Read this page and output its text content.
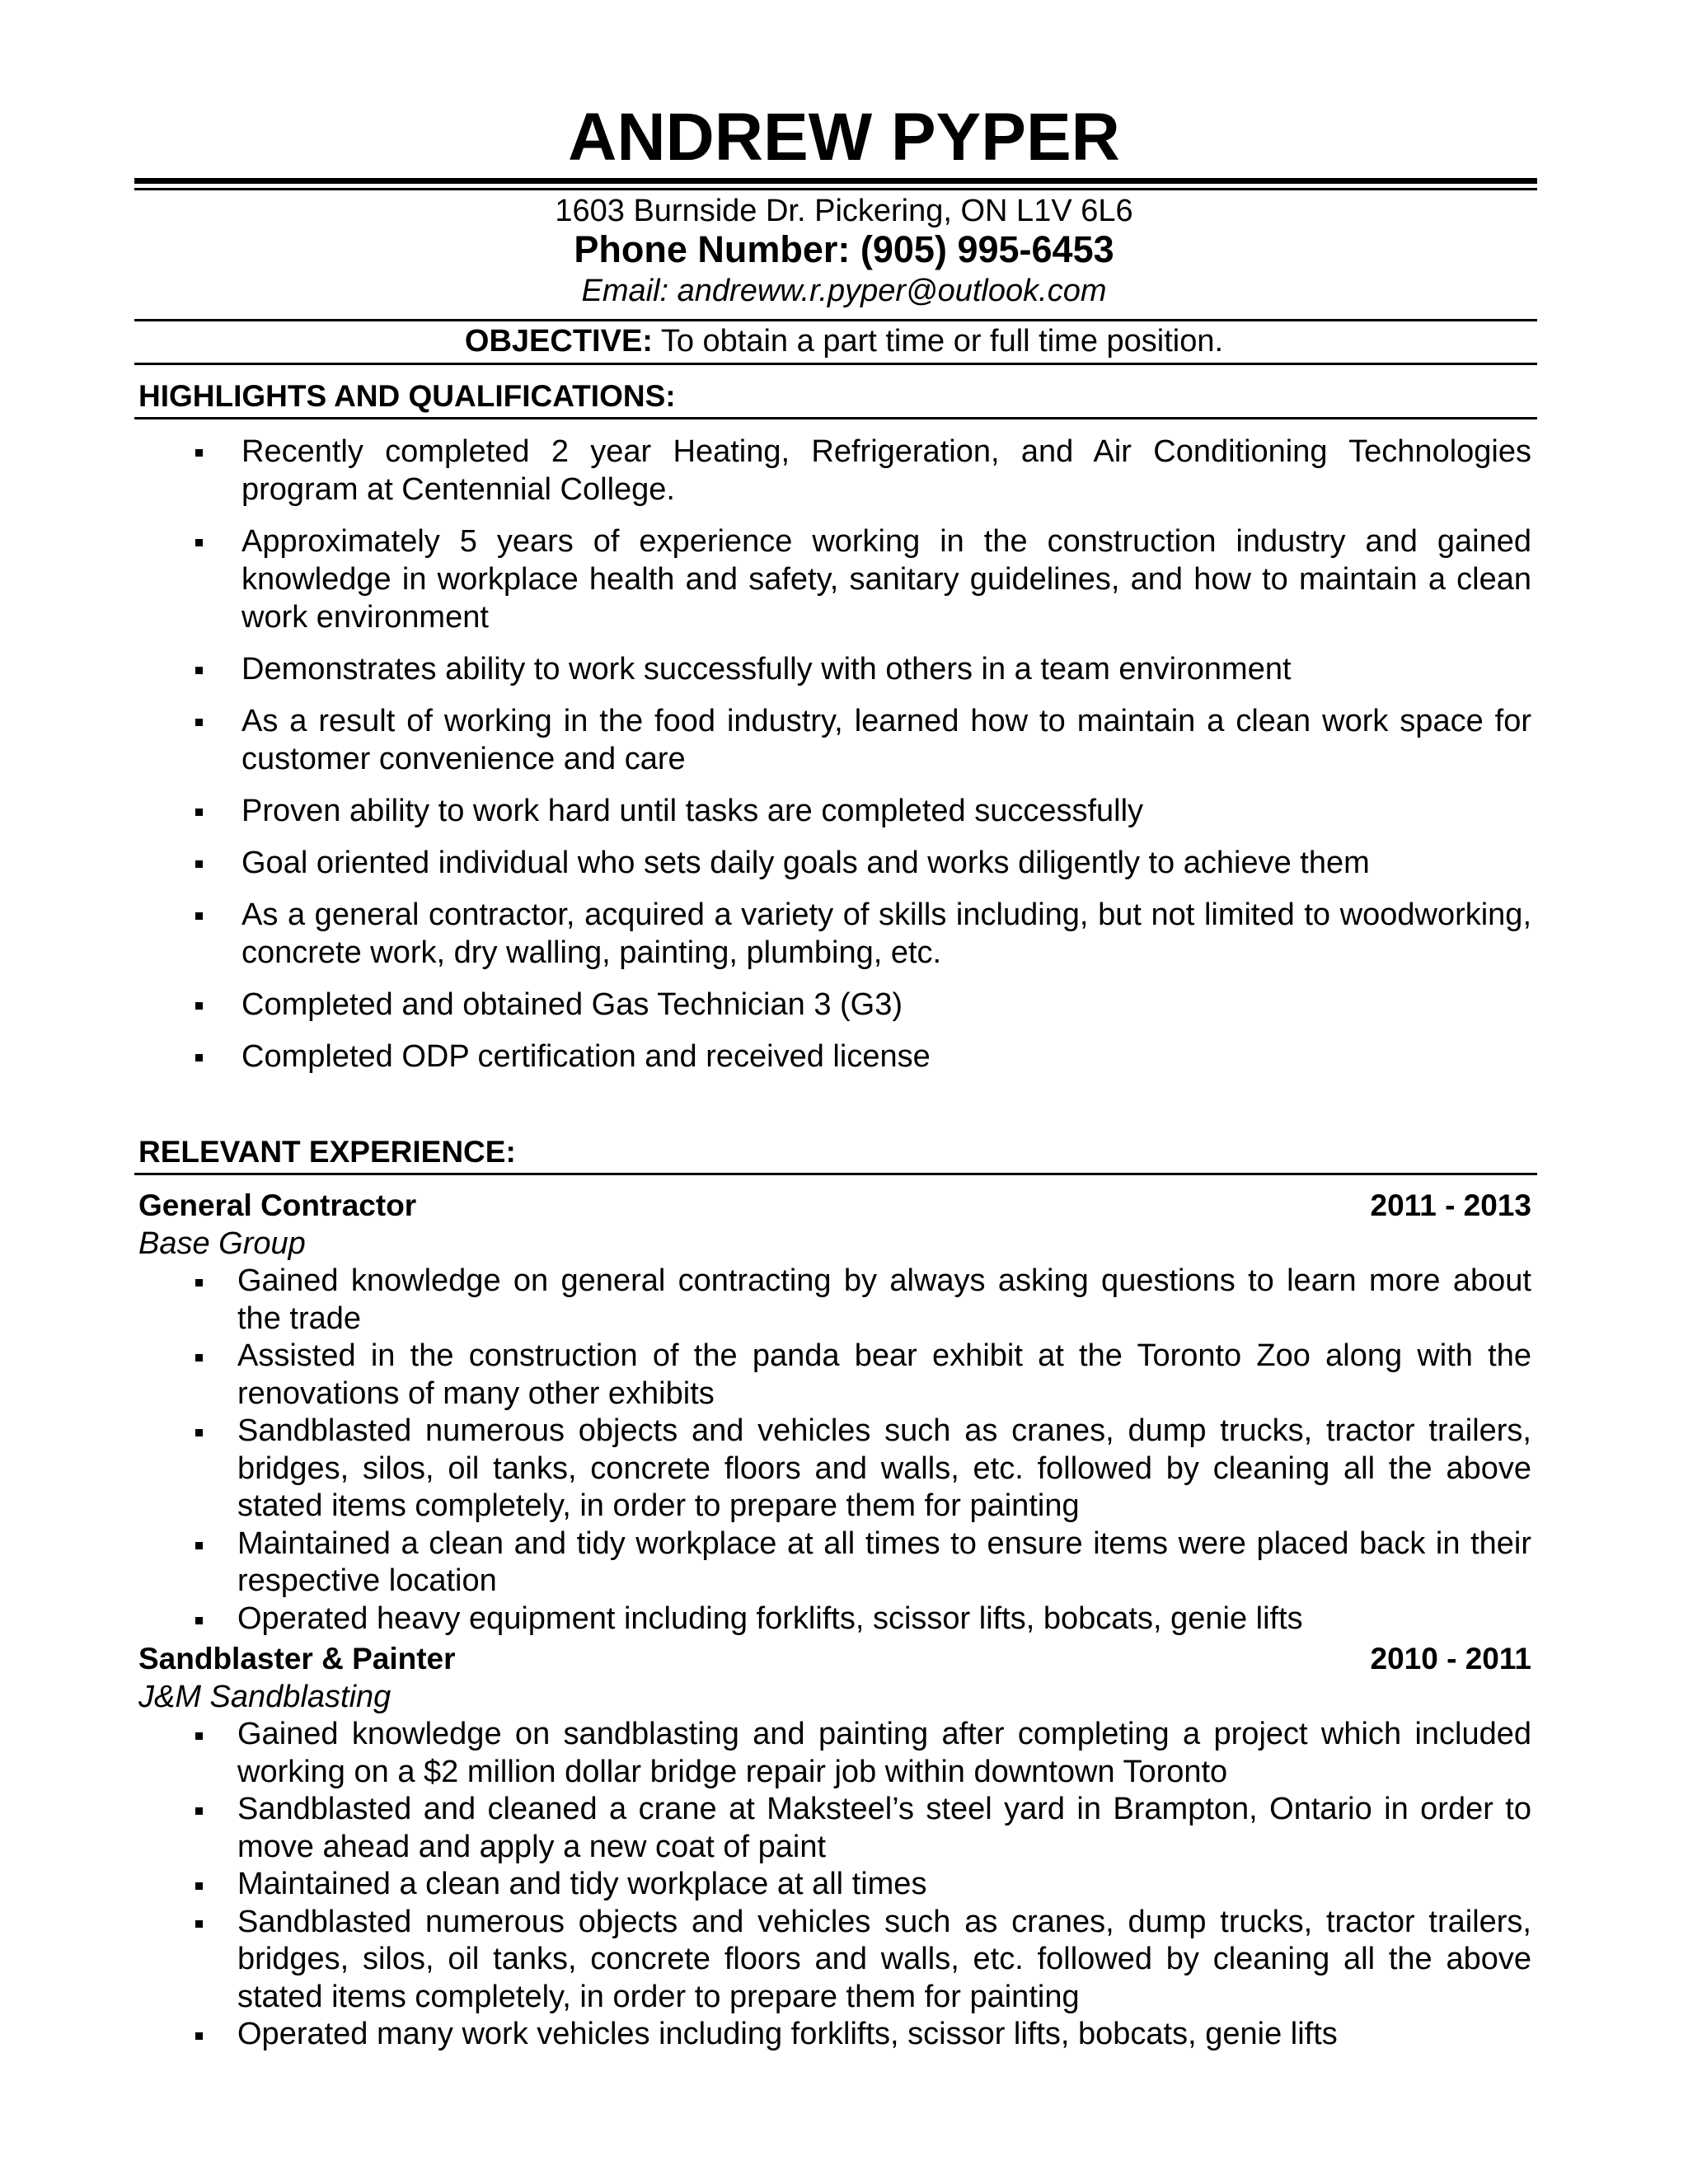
ANDREW PYPER
1603 Burnside Dr. Pickering, ON L1V 6L6
Phone Number: (905) 995-6453
Email: andreww.r.pyper@outlook.com
OBJECTIVE: To obtain a part time or full time position.
HIGHLIGHTS AND QUALIFICATIONS:
Recently completed 2 year Heating, Refrigeration, and Air Conditioning Technologies program at Centennial College.
Approximately 5 years of experience working in the construction industry and gained knowledge in workplace health and safety, sanitary guidelines, and how to maintain a clean work environment
Demonstrates ability to work successfully with others in a team environment
As a result of working in the food industry, learned how to maintain a clean work space for customer convenience and care
Proven ability to work hard until tasks are completed successfully
Goal oriented individual who sets daily goals and works diligently to achieve them
As a general contractor, acquired a variety of skills including, but not limited to woodworking, concrete work, dry walling, painting, plumbing, etc.
Completed and obtained Gas Technician 3 (G3)
Completed ODP certification and received license
RELEVANT EXPERIENCE:
General Contractor	2011 - 2013
Base Group
Gained knowledge on general contracting by always asking questions to learn more about the trade
Assisted in the construction of the panda bear exhibit at the Toronto Zoo along with the renovations of many other exhibits
Sandblasted numerous objects and vehicles such as cranes, dump trucks, tractor trailers, bridges, silos, oil tanks, concrete floors and walls, etc. followed by cleaning all the above stated items completely, in order to prepare them for painting
Maintained a clean and tidy workplace at all times to ensure items were placed back in their respective location
Operated heavy equipment including forklifts, scissor lifts, bobcats, genie lifts
Sandblaster & Painter	2010 - 2011
J&M Sandblasting
Gained knowledge on sandblasting and painting after completing a project which included working on a $2 million dollar bridge repair job within downtown Toronto
Sandblasted and cleaned a crane at Maksteel’s steel yard in Brampton, Ontario in order to move ahead and apply a new coat of paint
Maintained a clean and tidy workplace at all times
Sandblasted numerous objects and vehicles such as cranes, dump trucks, tractor trailers, bridges, silos, oil tanks, concrete floors and walls, etc. followed by cleaning all the above stated items completely, in order to prepare them for painting
Operated many work vehicles including forklifts, scissor lifts, bobcats, genie lifts
